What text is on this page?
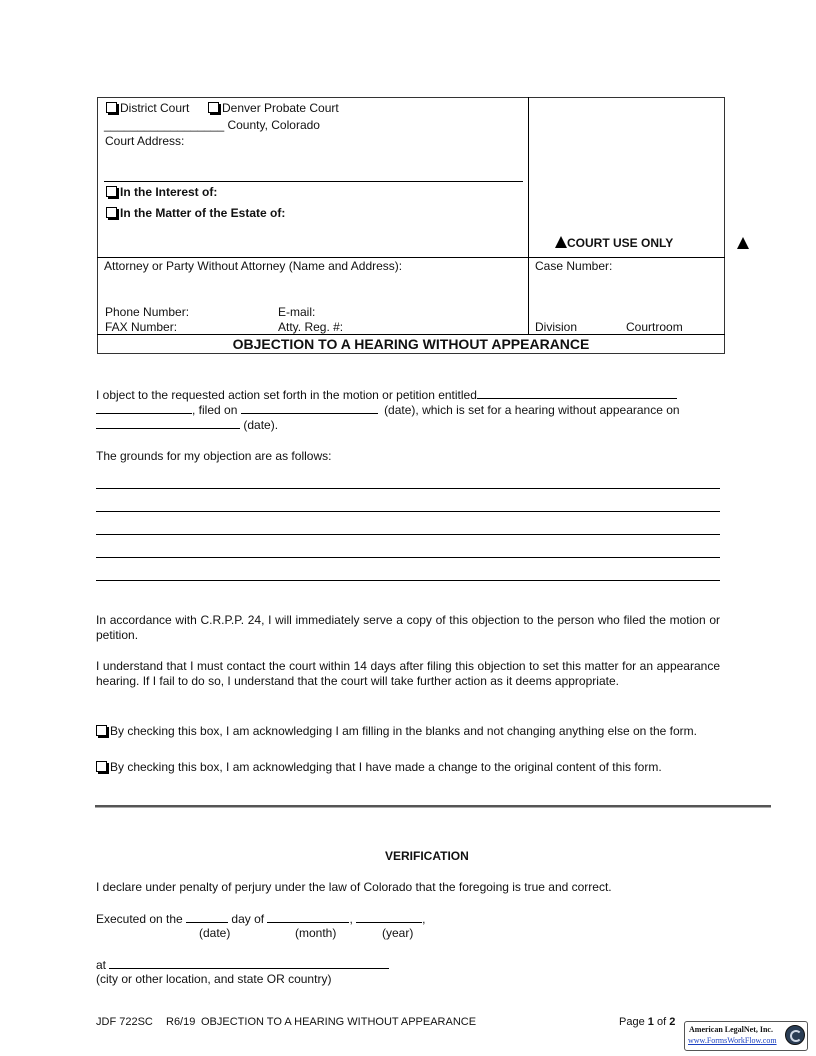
District Court	Denver Probate Court
__________________ County, Colorado
Court Address:
In the Interest of:
In the Matter of the Estate of:
COURT USE ONLY
Attorney or Party Without Attorney (Name and Address):
Phone Number:	E-mail:
FAX Number:	Atty. Reg. #:
Case Number:
Division	Courtroom
OBJECTION TO A HEARING WITHOUT APPEARANCE
I object to the requested action set forth in the motion or petition entitled
, filed on	(date), which is set for a hearing without appearance on
(date).
The grounds for my objection are as follows:
In accordance with C.R.P.P. 24, I will immediately serve a copy of this objection to the person who filed the motion or petition.
I understand that I must contact the court within 14 days after filing this objection to set this matter for an appearance hearing. If I fail to do so, I understand that the court will take further action as it deems appropriate.
By checking this box, I am acknowledging I am filling in the blanks and not changing anything else on the form.
By checking this box, I am acknowledging that I have made a change to the original content of this form.
VERIFICATION
I declare under penalty of perjury under the law of Colorado that the foregoing is true and correct.
Executed on the	day of	,	,
(date)	(month)	(year)
at
(city or other location, and state OR country)
JDF 722SC R6/19 OBJECTION TO A HEARING WITHOUT APPEARANCE	Page 1 of 2
American LegalNet, Inc.
www.FormsWorkFlow.com
